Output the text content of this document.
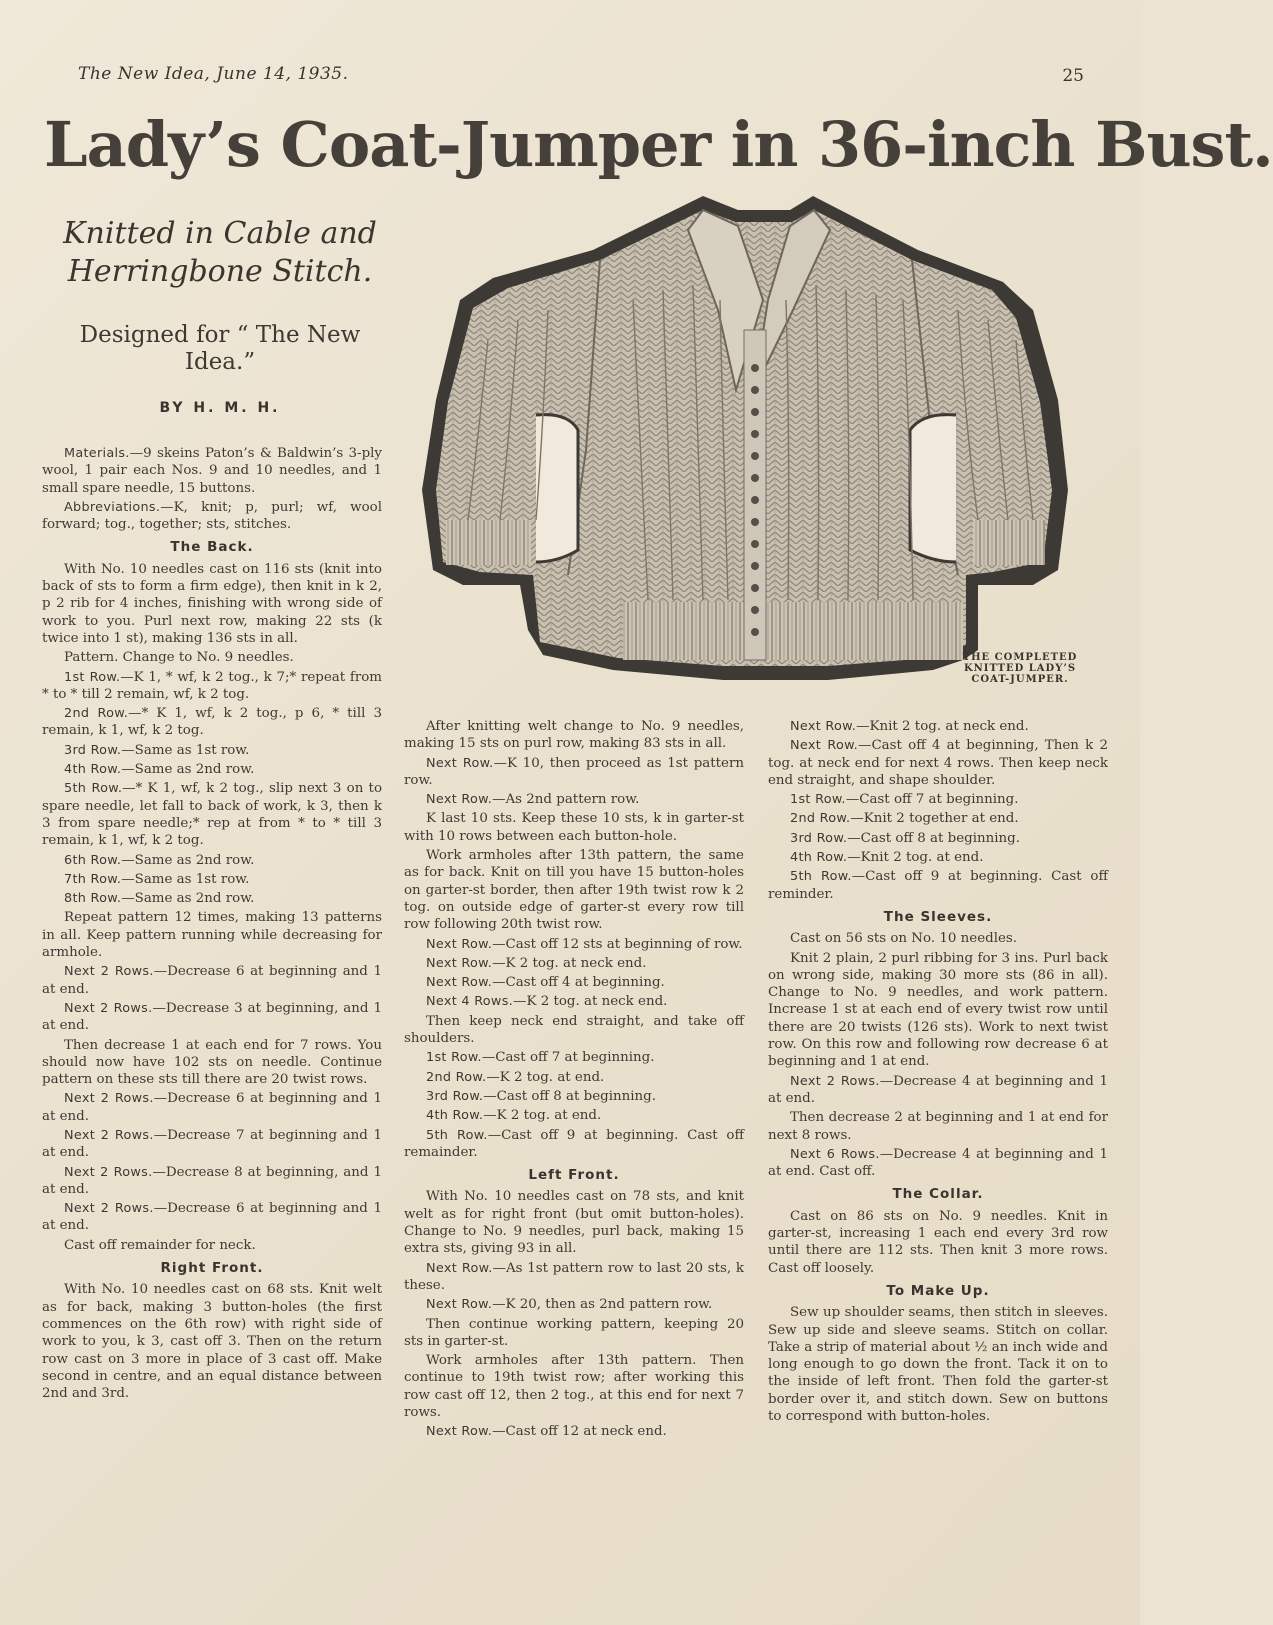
The New Idea, June 14, 1935.	25
Lady’s Coat-Jumper in 36-inch Bust.
Knitted in Cable and
Herringbone Stitch.
Designed for “ The New Idea.”
BY H. M. H.
THE COMPLETED
KNITTED LADY’S
COAT-JUMPER.

Materials.—9 skeins Paton’s & Baldwin’s 3-ply wool, 1 pair each Nos. 9 and 10 needles, and 1 small spare needle, 15 buttons.

Abbreviations.—K, knit; p, purl; wf, wool forward; tog., together; sts, stitches.

The Back.

With No. 10 needles cast on 116 sts (knit into back of sts to form a firm edge), then knit in k 2, p 2 rib for 4 inches, finishing with wrong side of work to you. Purl next row, making 22 sts (k twice into 1 st), making 136 sts in all.

Pattern. Change to No. 9 needles.

1st Row.—K 1, * wf, k 2 tog., k 7;* repeat from * to * till 2 remain, wf, k 2 tog.

2nd Row.—* K 1, wf, k 2 tog., p 6, * till 3 remain, k 1, wf, k 2 tog.

3rd Row.—Same as 1st row.

4th Row.—Same as 2nd row.

5th Row.—* K 1, wf, k 2 tog., slip next 3 on to spare needle, let fall to back of work, k 3, then k 3 from spare needle;* rep at from * to * till 3 remain, k 1, wf, k 2 tog.

6th Row.—Same as 2nd row.

7th Row.—Same as 1st row.

8th Row.—Same as 2nd row.

Repeat pattern 12 times, making 13 patterns in all. Keep pattern running while decreasing for armhole.

Next 2 Rows.—Decrease 6 at beginning and 1 at end.

Next 2 Rows.—Decrease 3 at beginning, and 1 at end.

Then decrease 1 at each end for 7 rows. You should now have 102 sts on needle. Continue pattern on these sts till there are 20 twist rows.

Next 2 Rows.—Decrease 6 at beginning and 1 at end.

Next 2 Rows.—Decrease 7 at beginning and 1 at end.

Next 2 Rows.—Decrease 8 at beginning, and 1 at end.

Next 2 Rows.—Decrease 6 at beginning and 1 at end.

Cast off remainder for neck.

Right Front.

With No. 10 needles cast on 68 sts. Knit welt as for back, making 3 button-holes (the first commences on the 6th row) with right side of work to you, k 3, cast off 3. Then on the return row cast on 3 more in place of 3 cast off. Make second in centre, and an equal distance between 2nd and 3rd.

After knitting welt change to No. 9 needles, making 15 sts on purl row, making 83 sts in all.

Next Row.—K 10, then proceed as 1st pattern row.

Next Row.—As 2nd pattern row.

K last 10 sts. Keep these 10 sts, k in garter-st with 10 rows between each button-hole.

Work armholes after 13th pattern, the same as for back. Knit on till you have 15 button-holes on garter-st border, then after 19th twist row k 2 tog. on outside edge of garter-st every row till row following 20th twist row.

Next Row.—Cast off 12 sts at beginning of row.

Next Row.—K 2 tog. at neck end.

Next Row.—Cast off 4 at beginning.

Next 4 Rows.—K 2 tog. at neck end.

Then keep neck end straight, and take off shoulders.

1st Row.—Cast off 7 at beginning.

2nd Row.—K 2 tog. at end.

3rd Row.—Cast off 8 at beginning.

4th Row.—K 2 tog. at end.

5th Row.—Cast off 9 at beginning. Cast off remainder.

Left Front.

With No. 10 needles cast on 78 sts, and knit welt as for right front (but omit button-holes). Change to No. 9 needles, purl back, making 15 extra sts, giving 93 in all.

Next Row.—As 1st pattern row to last 20 sts, k these.

Next Row.—K 20, then as 2nd pattern row.

Then continue working pattern, keeping 20 sts in garter-st.

Work armholes after 13th pattern. Then continue to 19th twist row; after working this row cast off 12, then 2 tog., at this end for next 7 rows.

Next Row.—Cast off 12 at neck end.

Next Row.—Knit 2 tog. at neck end.

Next Row.—Cast off 4 at beginning, Then k 2 tog. at neck end for next 4 rows. Then keep neck end straight, and shape shoulder.

1st Row.—Cast off 7 at beginning.

2nd Row.—Knit 2 together at end.

3rd Row.—Cast off 8 at beginning.

4th Row.—Knit 2 tog. at end.

5th Row.—Cast off 9 at beginning. Cast off reminder.

The Sleeves.

Cast on 56 sts on No. 10 needles.

Knit 2 plain, 2 purl ribbing for 3 ins. Purl back on wrong side, making 30 more sts (86 in all). Change to No. 9 needles, and work pattern. Increase 1 st at each end of every twist row until there are 20 twists (126 sts). Work to next twist row. On this row and following row decrease 6 at beginning and 1 at end.

Next 2 Rows.—Decrease 4 at beginning and 1 at end.

Then decrease 2 at beginning and 1 at end for next 8 rows.

Next 6 Rows.—Decrease 4 at beginning and 1 at end. Cast off.

The Collar.

Cast on 86 sts on No. 9 needles. Knit in garter-st, increasing 1 each end every 3rd row until there are 112 sts. Then knit 3 more rows. Cast off loosely.

To Make Up.

Sew up shoulder seams, then stitch in sleeves. Sew up side and sleeve seams. Stitch on collar. Take a strip of material about ½ an inch wide and long enough to go down the front. Tack it on to the inside of left front. Then fold the garter-st border over it, and stitch down. Sew on buttons to correspond with button-holes.
